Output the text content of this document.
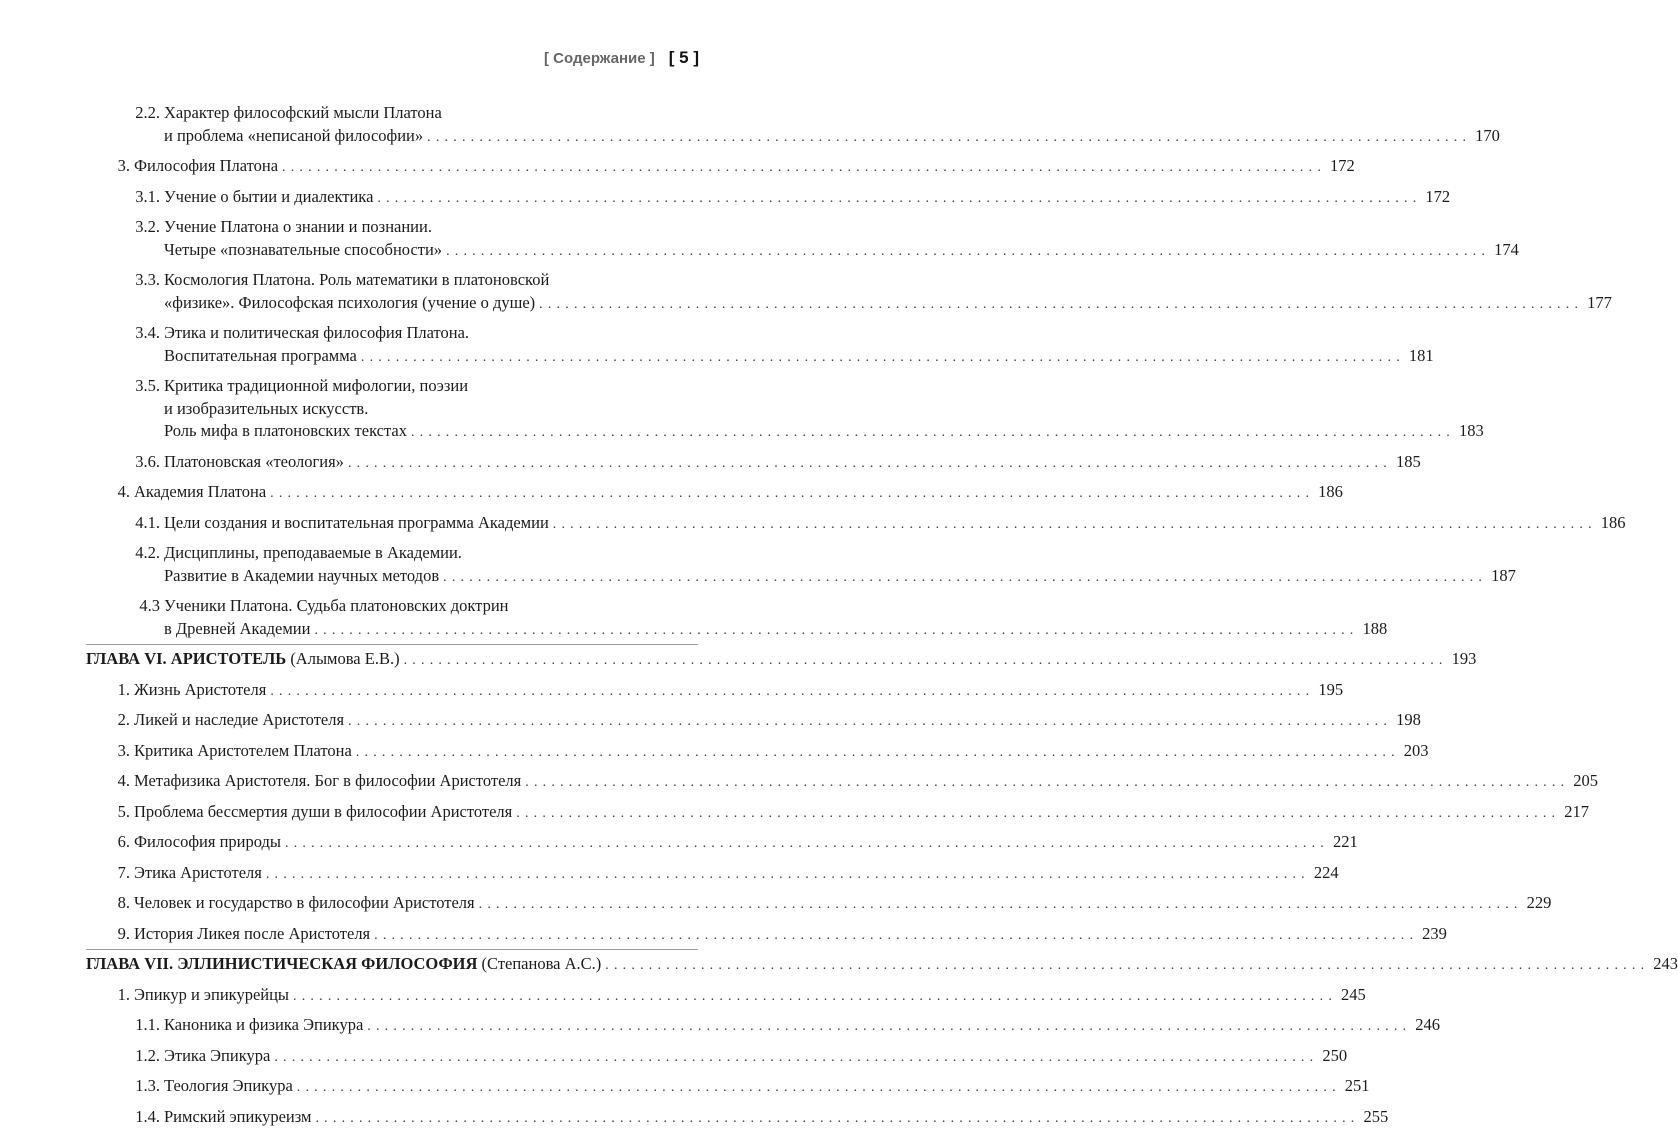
[ Содержание ] [ 5 ]
2.2. Характер философский мысли Платона
и проблема «неписаной философии» ........................................................................................................................ 170
3. Философия Платона ........................................................................................................................ 172
3.1. Учение о бытии и диалектика ........................................................................................................................ 172
3.2. Учение Платона о знании и познании.
Четыре «познавательные способности» ........................................................................................................................ 174
3.3. Космология Платона. Роль математики в платоновской
«физике». Философская психология (учение о душе) ........................................................................................................................ 177
3.4. Этика и политическая философия Платона.
Воспитательная программа ........................................................................................................................ 181
3.5. Критика традиционной мифологии, поэзии
и изобразительных искусств.
Роль мифа в платоновских текстах ........................................................................................................................ 183
3.6. Платоновская «теология» ........................................................................................................................ 185
4. Академия Платона ........................................................................................................................ 186
4.1. Цели создания и воспитательная программа Академии ........................................................................................................................ 186
4.2. Дисциплины, преподаваемые в Академии.
Развитие в Академии научных методов ........................................................................................................................ 187
4.3 Ученики Платона. Судьба платоновских доктрин
в Древней Академии ........................................................................................................................ 188
ГЛАВА VI. АРИСТОТЕЛЬ (Алымова Е.В.) ........................................................................................................................ 193
1. Жизнь Аристотеля ........................................................................................................................ 195
2. Ликей и наследие Аристотеля ........................................................................................................................ 198
3. Критика Аристотелем Платона ........................................................................................................................ 203
4. Метафизика Аристотеля. Бог в философии Аристотеля ........................................................................................................................ 205
5. Проблема бессмертия души в философии Аристотеля ........................................................................................................................ 217
6. Философия природы ........................................................................................................................ 221
7. Этика Аристотеля ........................................................................................................................ 224
8. Человек и государство в философии Аристотеля ........................................................................................................................ 229
9. История Ликея после Аристотеля ........................................................................................................................ 239
ГЛАВА VII. ЭЛЛИНИСТИЧЕСКАЯ ФИЛОСОФИЯ (Степанова А.С.) ........................................................................................................................ 243
1. Эпикур и эпикурейцы ........................................................................................................................ 245
1.1. Каноника и физика Эпикура ........................................................................................................................ 246
1.2. Этика Эпикура ........................................................................................................................ 250
1.3. Теология Эпикура ........................................................................................................................ 251
1.4. Римский эпикуреизм ........................................................................................................................ 255
